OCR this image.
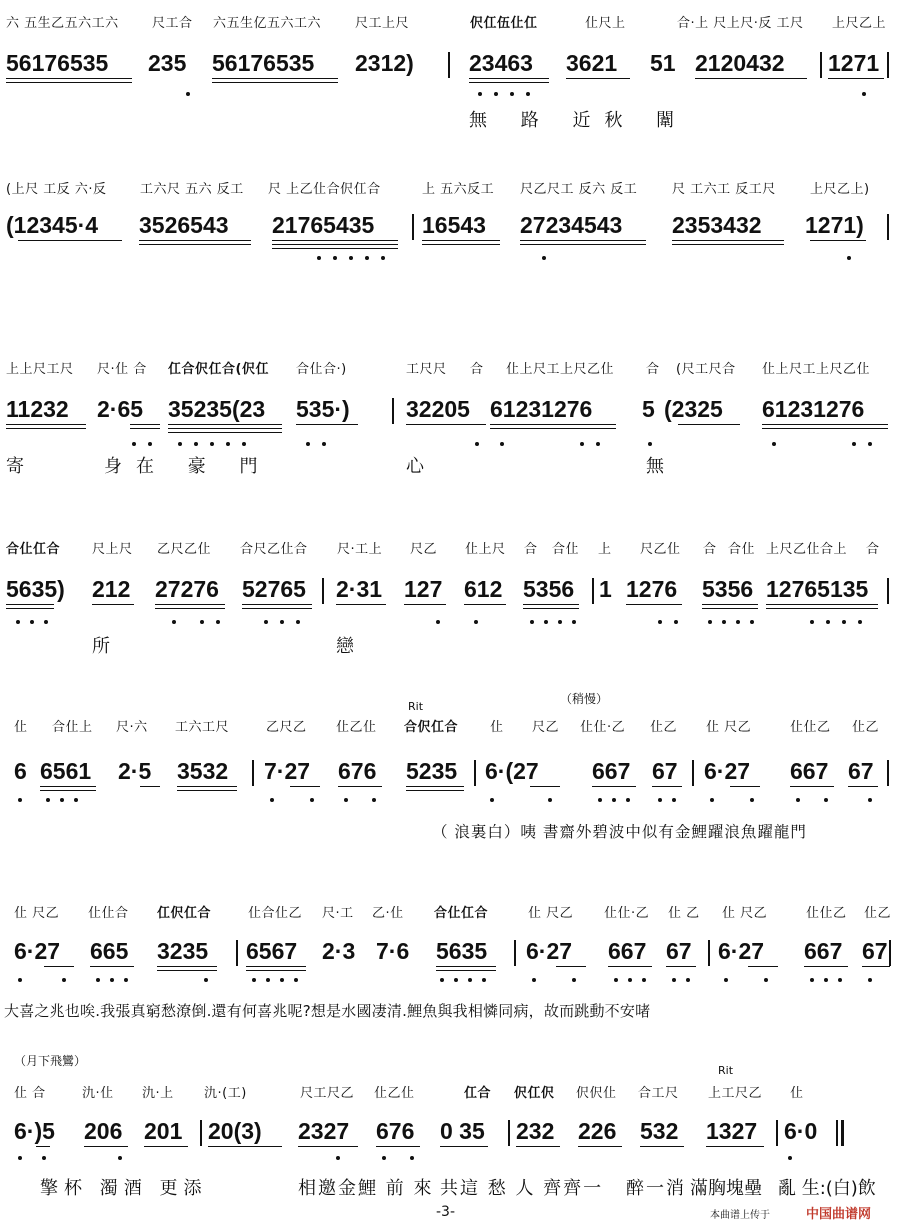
六 五生乙五六工六	尺工合 六五生亿五六工六	尺工上尺	伬仜伍仩仜	仩尺上	合·上 尺上尺·反 工尺 上尺乙上
56176535 235 56176535 2312) 23463 3621 51 2120432 1271
無 路 近秋 闈
(上尺 工反 六·反	工六尺 五六 反工 尺 上乙仩合伬仜合	上 五六反工 尺乙尺工 反六 反工	尺 工六工 反工尺	上尺乙上)
(12345·4 3526543 21765435 16543 27234543 2353432 1271)
上上尺工尺 尺·仩 合 仜合伬仜合(伬仜 合仩合·)	工尺尺 合 仩上尺工上尺乙仩 合 (尺工尺合 仩上尺工上尺乙仩
11232 2·65 35235(23 535·) 32205 61231276 5 (2325 61231276
寄	身在 豪 門	心	無
合仩仜合 尺上尺 乙尺乙仩 合尺乙仩合 尺·工上 尺乙 仩上尺 合 合仩 上 尺乙仩 合 合仩 上尺乙仩合上 合
5635) 212 27276 52765 2·31 127 612 5356 1 1276 5356 12765135
所	戀
（稍慢）
Rit
仩 合仩上 尺·六 工六工尺	乙尺乙 仩乙仩 合伬仜合 仩 尺乙 仩仩·乙 仩乙 仩 尺乙	仩仩乙 仩乙
6 6561 2·5 3532 7·27 676 5235 6·(27 667 67 6·27 667 67
（ 浪裏白）咦 書齋外碧波中似有金鯉躍浪魚躍龍門
仩 尺乙 仩仩合 仜伬仜合	仩合仩乙 尺·工 乙·仩 合仩仜合	仩 尺乙 仩仩·乙 仩 乙 仩 尺乙	仩仩乙 仩乙
6·27 665 3235 6567 2·3 7·6 5635 6·27 667 67 6·27 667 67
大喜之兆也唉.我張真窮愁潦倒.還有何喜兆呢?想是水國凄清.鯉魚與我相憐同病，故而跳動不安啫
（月下飛鸞）
Rit
仩 合	氿·仩 氿·上 氿·(工)	尺工尺乙 仩乙仩	仜合 伬仜伬 伬伬仩 合工尺 上工尺乙 仩
6·)5 206 201 20(3) 2327 676 0 35 232 226 532 1327 6·0
擎杯 濁酒 更添	相邀金鯉 前 來 共這 愁 人 齊齊一 醉一消 滿胸塊壘 亂 生:(白)飲
-3-	本曲谱上传于	中国曲谱网
